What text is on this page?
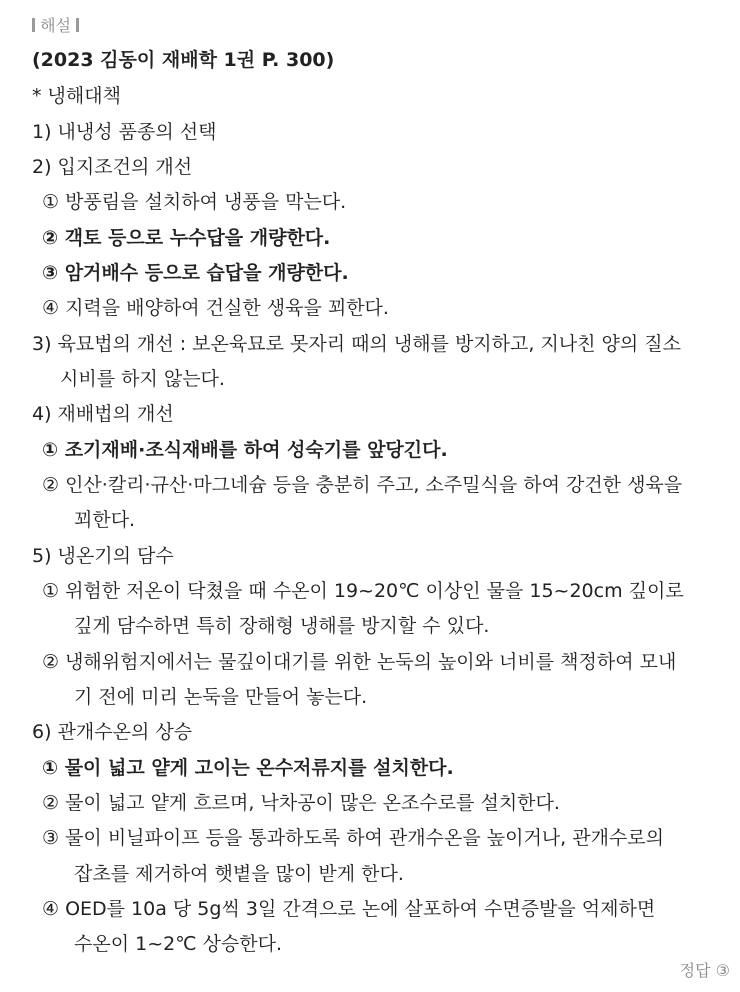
해설
(2023 김동이 재배학 1권 P. 300)
* 냉해대책
1) 내냉성 품종의 선택
2) 입지조건의 개선
① 방풍림을 설치하여 냉풍을 막는다.
② 객토 등으로 누수답을 개량한다.
③ 암거배수 등으로 습답을 개량한다.
④ 지력을 배양하여 건실한 생육을 꾀한다.
3) 육묘법의 개선 : 보온육묘로 못자리 때의 냉해를 방지하고, 지나친 양의 질소
시비를 하지 않는다.
4) 재배법의 개선
① 조기재배·조식재배를 하여 성숙기를 앞당긴다.
② 인산·칼리·규산·마그네슘 등을 충분히 주고, 소주밀식을 하여 강건한 생육을
꾀한다.
5) 냉온기의 담수
① 위험한 저온이 닥쳤을 때 수온이 19~20℃ 이상인 물을 15~20cm 깊이로
깊게 담수하면 특히 장해형 냉해를 방지할 수 있다.
② 냉해위험지에서는 물깊이대기를 위한 논둑의 높이와 너비를 책정하여 모내
기 전에 미리 논둑을 만들어 놓는다.
6) 관개수온의 상승
① 물이 넓고 얕게 고이는 온수저류지를 설치한다.
② 물이 넓고 얕게 흐르며, 낙차공이 많은 온조수로를 설치한다.
③ 물이 비닐파이프 등을 통과하도록 하여 관개수온을 높이거나, 관개수로의
잡초를 제거하여 햇볕을 많이 받게 한다.
④ OED를 10a 당 5g씩 3일 간격으로 논에 살포하여 수면증발을 억제하면
수온이 1~2℃ 상승한다.
정답 ③
